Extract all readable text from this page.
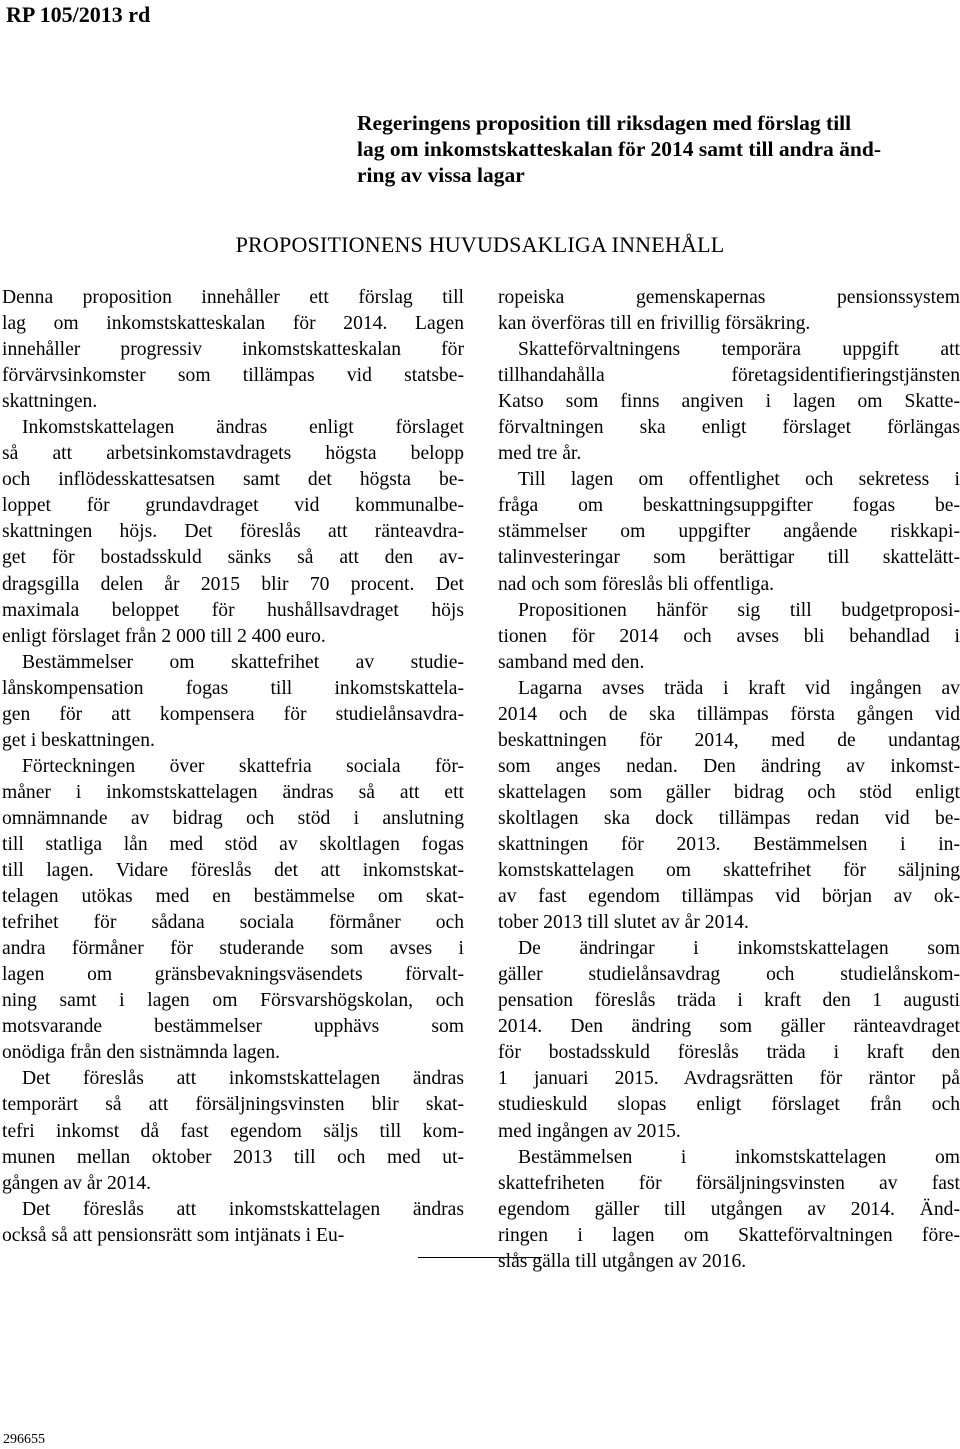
RP 105/2013 rd
Regeringens proposition till riksdagen med förslag till
lag om inkomstskatteskalan för 2014 samt till andra änd-
ring av vissa lagar
PROPOSITIONENS HUVUDSAKLIGA INNEHÅLL
Denna proposition innehåller ett förslag till
lag om inkomstskatteskalan för 2014. Lagen
innehåller progressiv inkomstskatteskalan för
förvärvsinkomster som tillämpas vid statsbe-
skattningen.
Inkomstskattelagen ändras enligt förslaget
så att arbetsinkomstavdragets högsta belopp
och inflödesskattesatsen samt det högsta be-
loppet för grundavdraget vid kommunalbe-
skattningen höjs. Det föreslås att ränteavdra-
get för bostadsskuld sänks så att den av-
dragsgilla delen år 2015 blir 70 procent. Det
maximala beloppet för hushållsavdraget höjs
enligt förslaget från 2 000 till 2 400 euro.
Bestämmelser om skattefrihet av studie-
lånskompensation fogas till inkomstskattela-
gen för att kompensera för studielånsavdra-
get i beskattningen.
Förteckningen över skattefria sociala för-
måner i inkomstskattelagen ändras så att ett
omnämnande av bidrag och stöd i anslutning
till statliga lån med stöd av skoltlagen fogas
till lagen. Vidare föreslås det att inkomstskat-
telagen utökas med en bestämmelse om skat-
tefrihet för sådana sociala förmåner och
andra förmåner för studerande som avses i
lagen om gränsbevakningsväsendets förvalt-
ning samt i lagen om Försvarshögskolan, och
motsvarande bestämmelser upphävs som
onödiga från den sistnämnda lagen.
Det föreslås att inkomstskattelagen ändras
temporärt så att försäljningsvinsten blir skat-
tefri inkomst då fast egendom säljs till kom-
munen mellan oktober 2013 till och med ut-
gången av år 2014.
Det föreslås att inkomstskattelagen ändras
också så att pensionsrätt som intjänats i Eu-
ropeiska gemenskapernas pensionssystem
kan överföras till en frivillig försäkring.
Skatteförvaltningens temporära uppgift att
tillhandahålla företagsidentifieringstjänsten
Katso som finns angiven i lagen om Skatte-
förvaltningen ska enligt förslaget förlängas
med tre år.
Till lagen om offentlighet och sekretess i
fråga om beskattningsuppgifter fogas be-
stämmelser om uppgifter angående riskkapi-
talinvesteringar som berättigar till skattelätt-
nad och som föreslås bli offentliga.
Propositionen hänför sig till budgetproposi-
tionen för 2014 och avses bli behandlad i
samband med den.
Lagarna avses träda i kraft vid ingången av
2014 och de ska tillämpas första gången vid
beskattningen för 2014, med de undantag
som anges nedan. Den ändring av inkomst-
skattelagen som gäller bidrag och stöd enligt
skoltlagen ska dock tillämpas redan vid be-
skattningen för 2013. Bestämmelsen i in-
komstskattelagen om skattefrihet för säljning
av fast egendom tillämpas vid början av ok-
tober 2013 till slutet av år 2014.
De ändringar i inkomstskattelagen som
gäller studielånsavdrag och studielånskom-
pensation föreslås träda i kraft den 1 augusti
2014. Den ändring som gäller ränteavdraget
för bostadsskuld föreslås träda i kraft den
1 januari 2015. Avdragsrätten för räntor på
studieskuld slopas enligt förslaget från och
med ingången av 2015.
Bestämmelsen i inkomstskattelagen om
skattefriheten för försäljningsvinsten av fast
egendom gäller till utgången av 2014. Änd-
ringen i lagen om Skatteförvaltningen före-
slås gälla till utgången av 2016.
296655
